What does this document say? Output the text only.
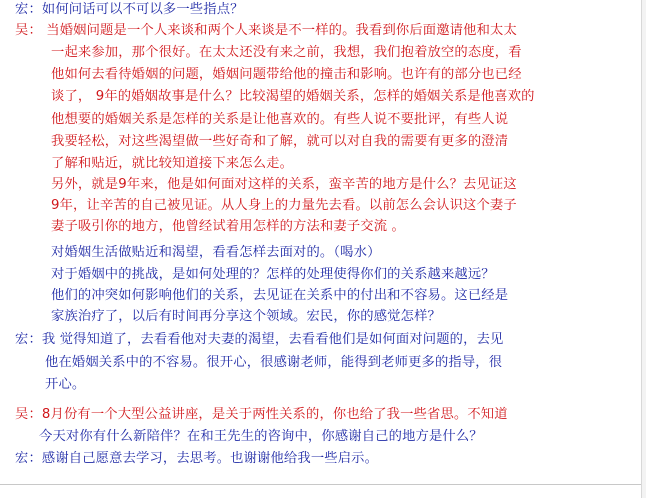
宏：如何问话可以不可以多一些指点？
吴： 当婚姻问题是一个人来谈和两个人来谈是不一样的。我看到你后面邀请他和太太
一起来参加，那个很好。在太太还没有来之前，我想，我们抱着放空的态度，看
他如何去看待婚姻的问题，婚姻问题带给他的撞击和影响。也许有的部分也已经
谈了， 9年的婚姻故事是什么？比较渴望的婚姻关系，怎样的婚姻关系是他喜欢的
他想要的婚姻关系是怎样的关系是让他喜欢的。有些人说不要批评，有些人说
我要轻松，对这些渴望做一些好奇和了解，就可以对自我的需要有更多的澄清
了解和贴近，就比较知道接下来怎么走。
另外，就是9年来，他是如何面对这样的关系，蛮辛苦的地方是什么？去见证这
9年，让辛苦的自己被见证。从人身上的力量先去看。以前怎么会认识这个妻子
妻子吸引你的地方，他曾经试着用怎样的方法和妻子交流 。
对婚姻生活做贴近和渴望，看看怎样去面对的。（喝水）
对于婚姻中的挑战，是如何处理的？怎样的处理使得你们的关系越来越远？
他们的冲突如何影响他们的关系，去见证在关系中的付出和不容易。这已经是
家族治疗了，以后有时间再分享这个领域。宏民，你的感觉怎样？
宏：我 觉得知道了，去看看他对夫妻的渴望，去看看他们是如何面对问题的，去见
他在婚姻关系中的不容易。很开心，很感谢老师，能得到老师更多的指导，很
开心。
吴：8月份有一个大型公益讲座，是关于两性关系的，你也给了我一些省思。不知道
今天对你有什么新陪伴？在和王先生的咨询中，你感谢自己的地方是什么？
宏：感谢自己愿意去学习，去思考。也谢谢他给我一些启示。
